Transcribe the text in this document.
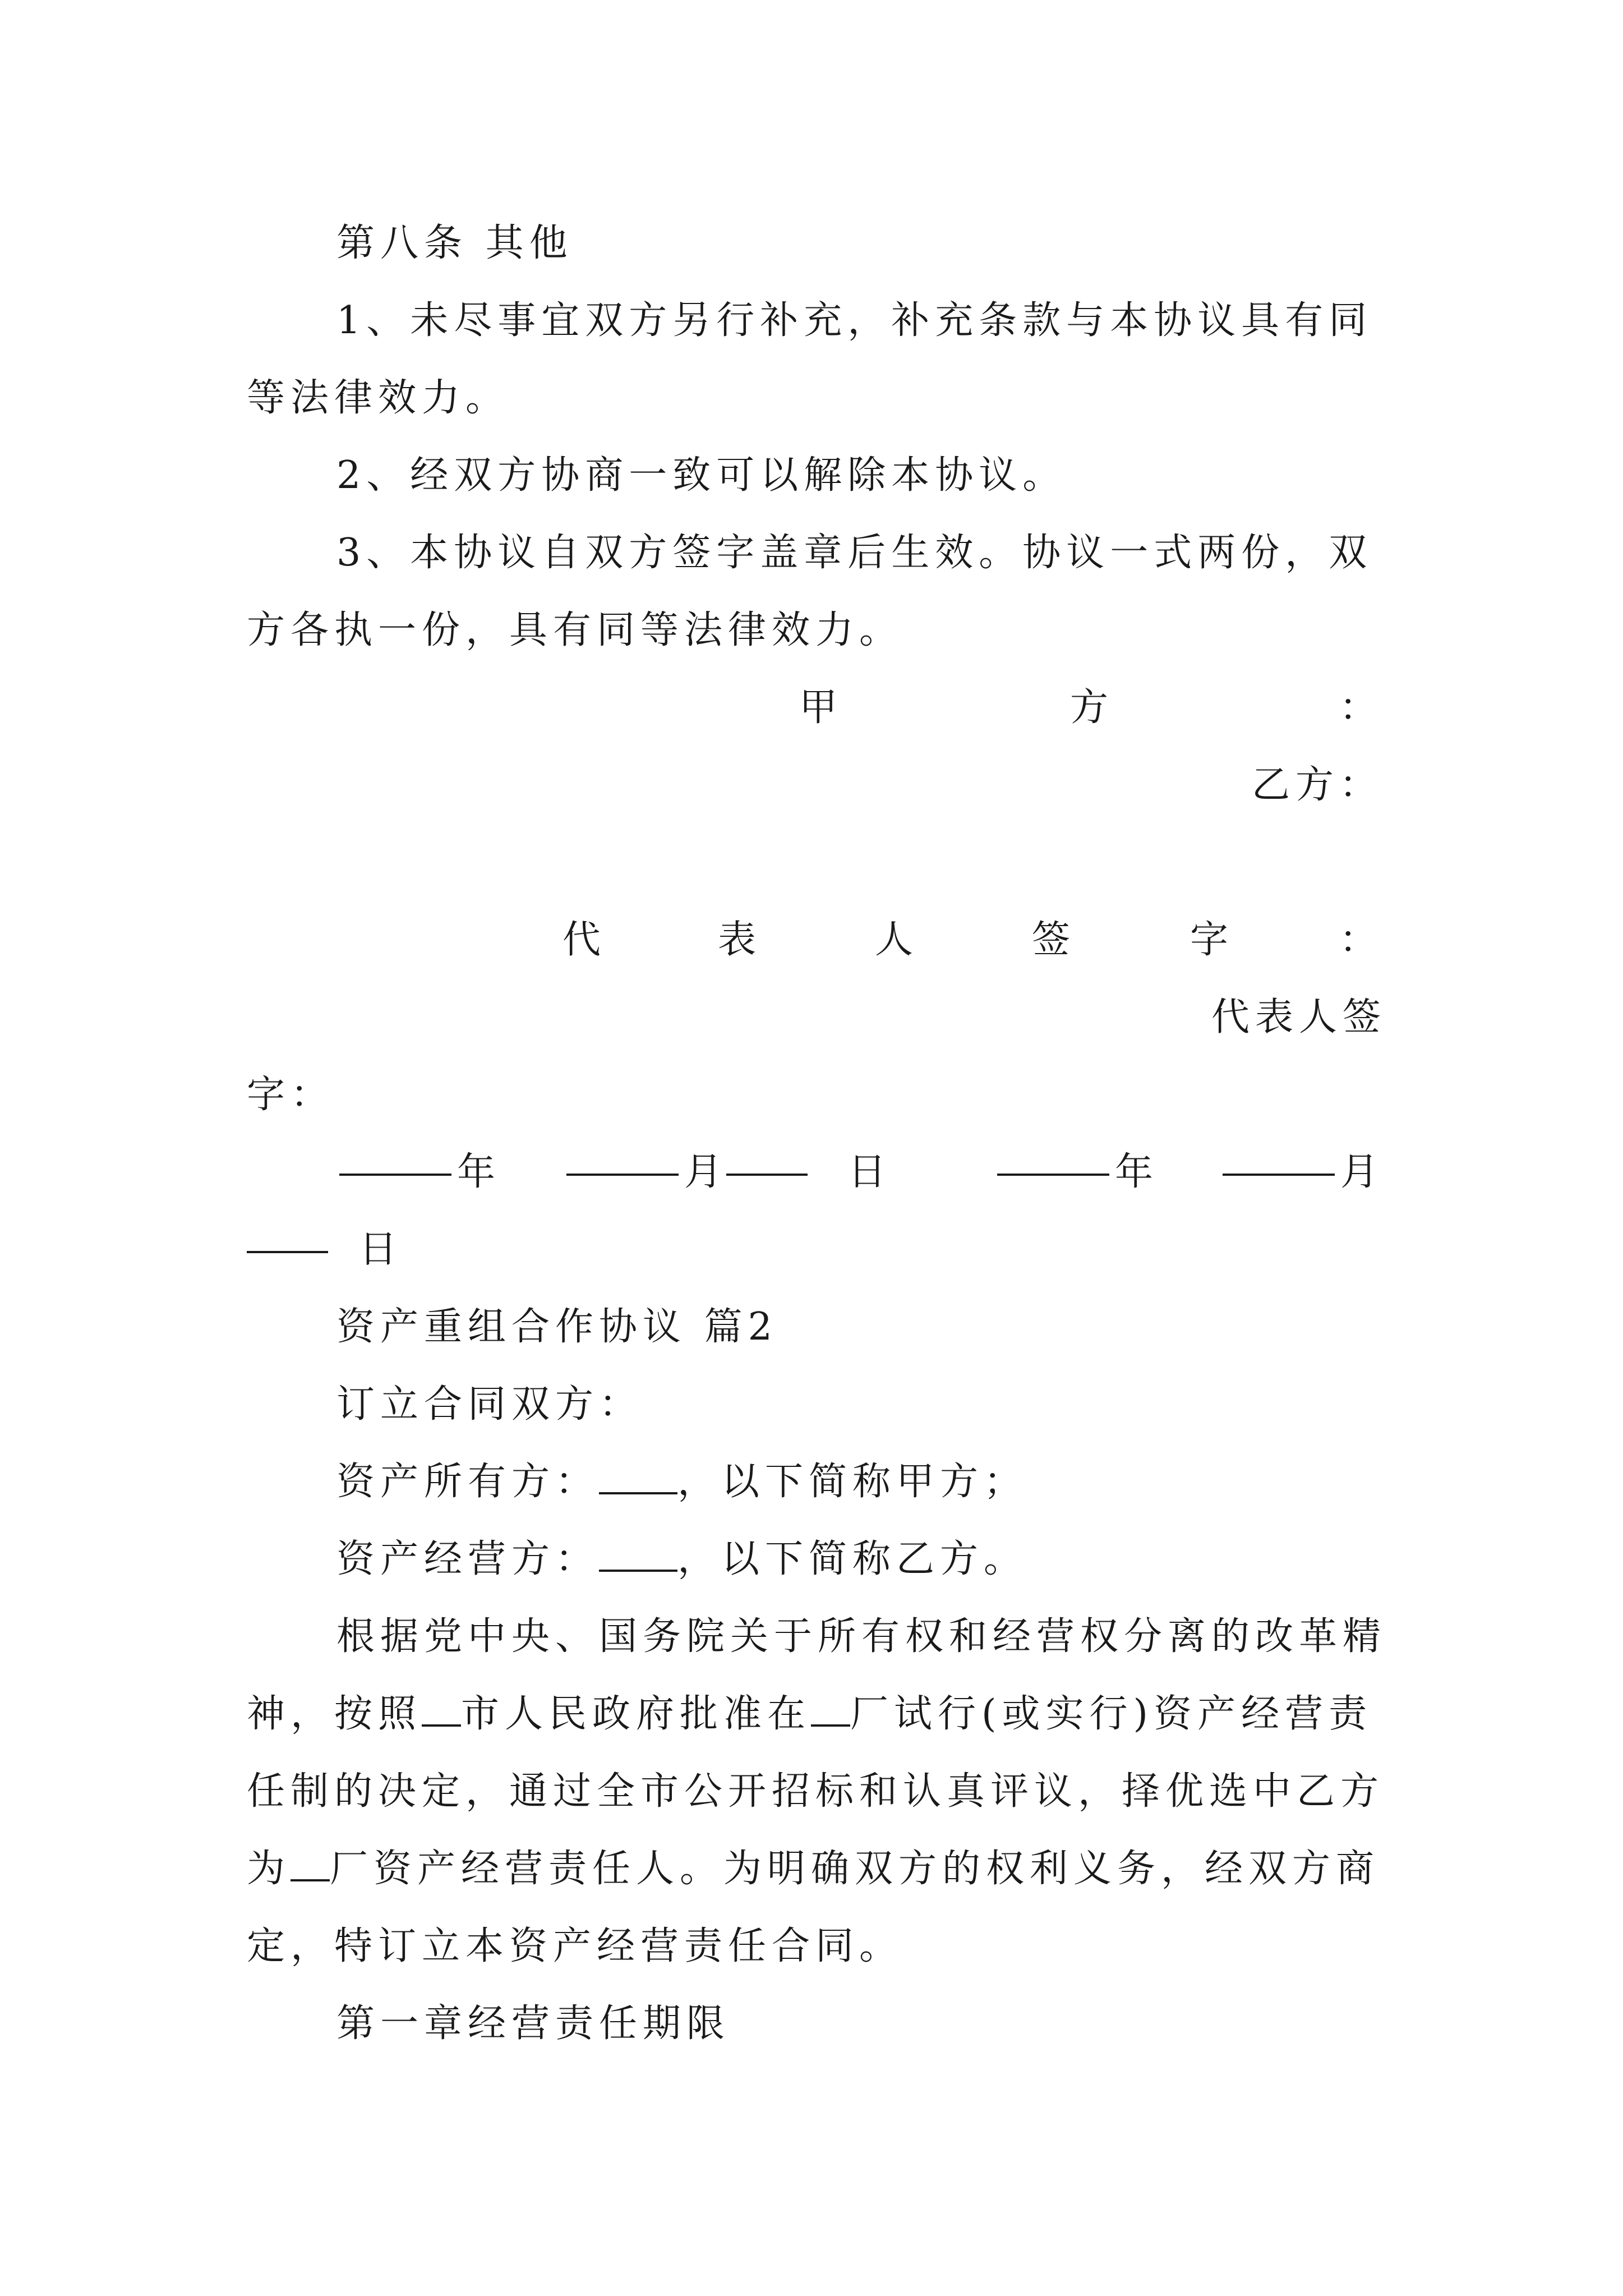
第八条 其他

1、未尽事宜双方另行补充，补充条款与本协议具有同

等法律效力。

2、经双方协商一致可以解除本协议。

3、本协议自双方签字盖章后生效。协议一式两份，双

方各执一份，具有同等法律效力。

甲	方	：
乙方：
代	表	人	签	字	：
代表人签
字：
年	月	日	年	月
日

资产重组合作协议 篇2

订立合同双方：

资产所有方： ，以下简称甲方；

资产经营方： ，以下简称乙方。

根据党中央、国务院关于所有权和经营权分离的改革精

神，按照 市人民政府批准在 厂试行(或实行)资产经营责

任制的决定，通过全市公开招标和认真评议，择优选中乙方

为 厂资产经营责任人。为明确双方的权利义务，经双方商

定，特订立本资产经营责任合同。

第一章经营责任期限
